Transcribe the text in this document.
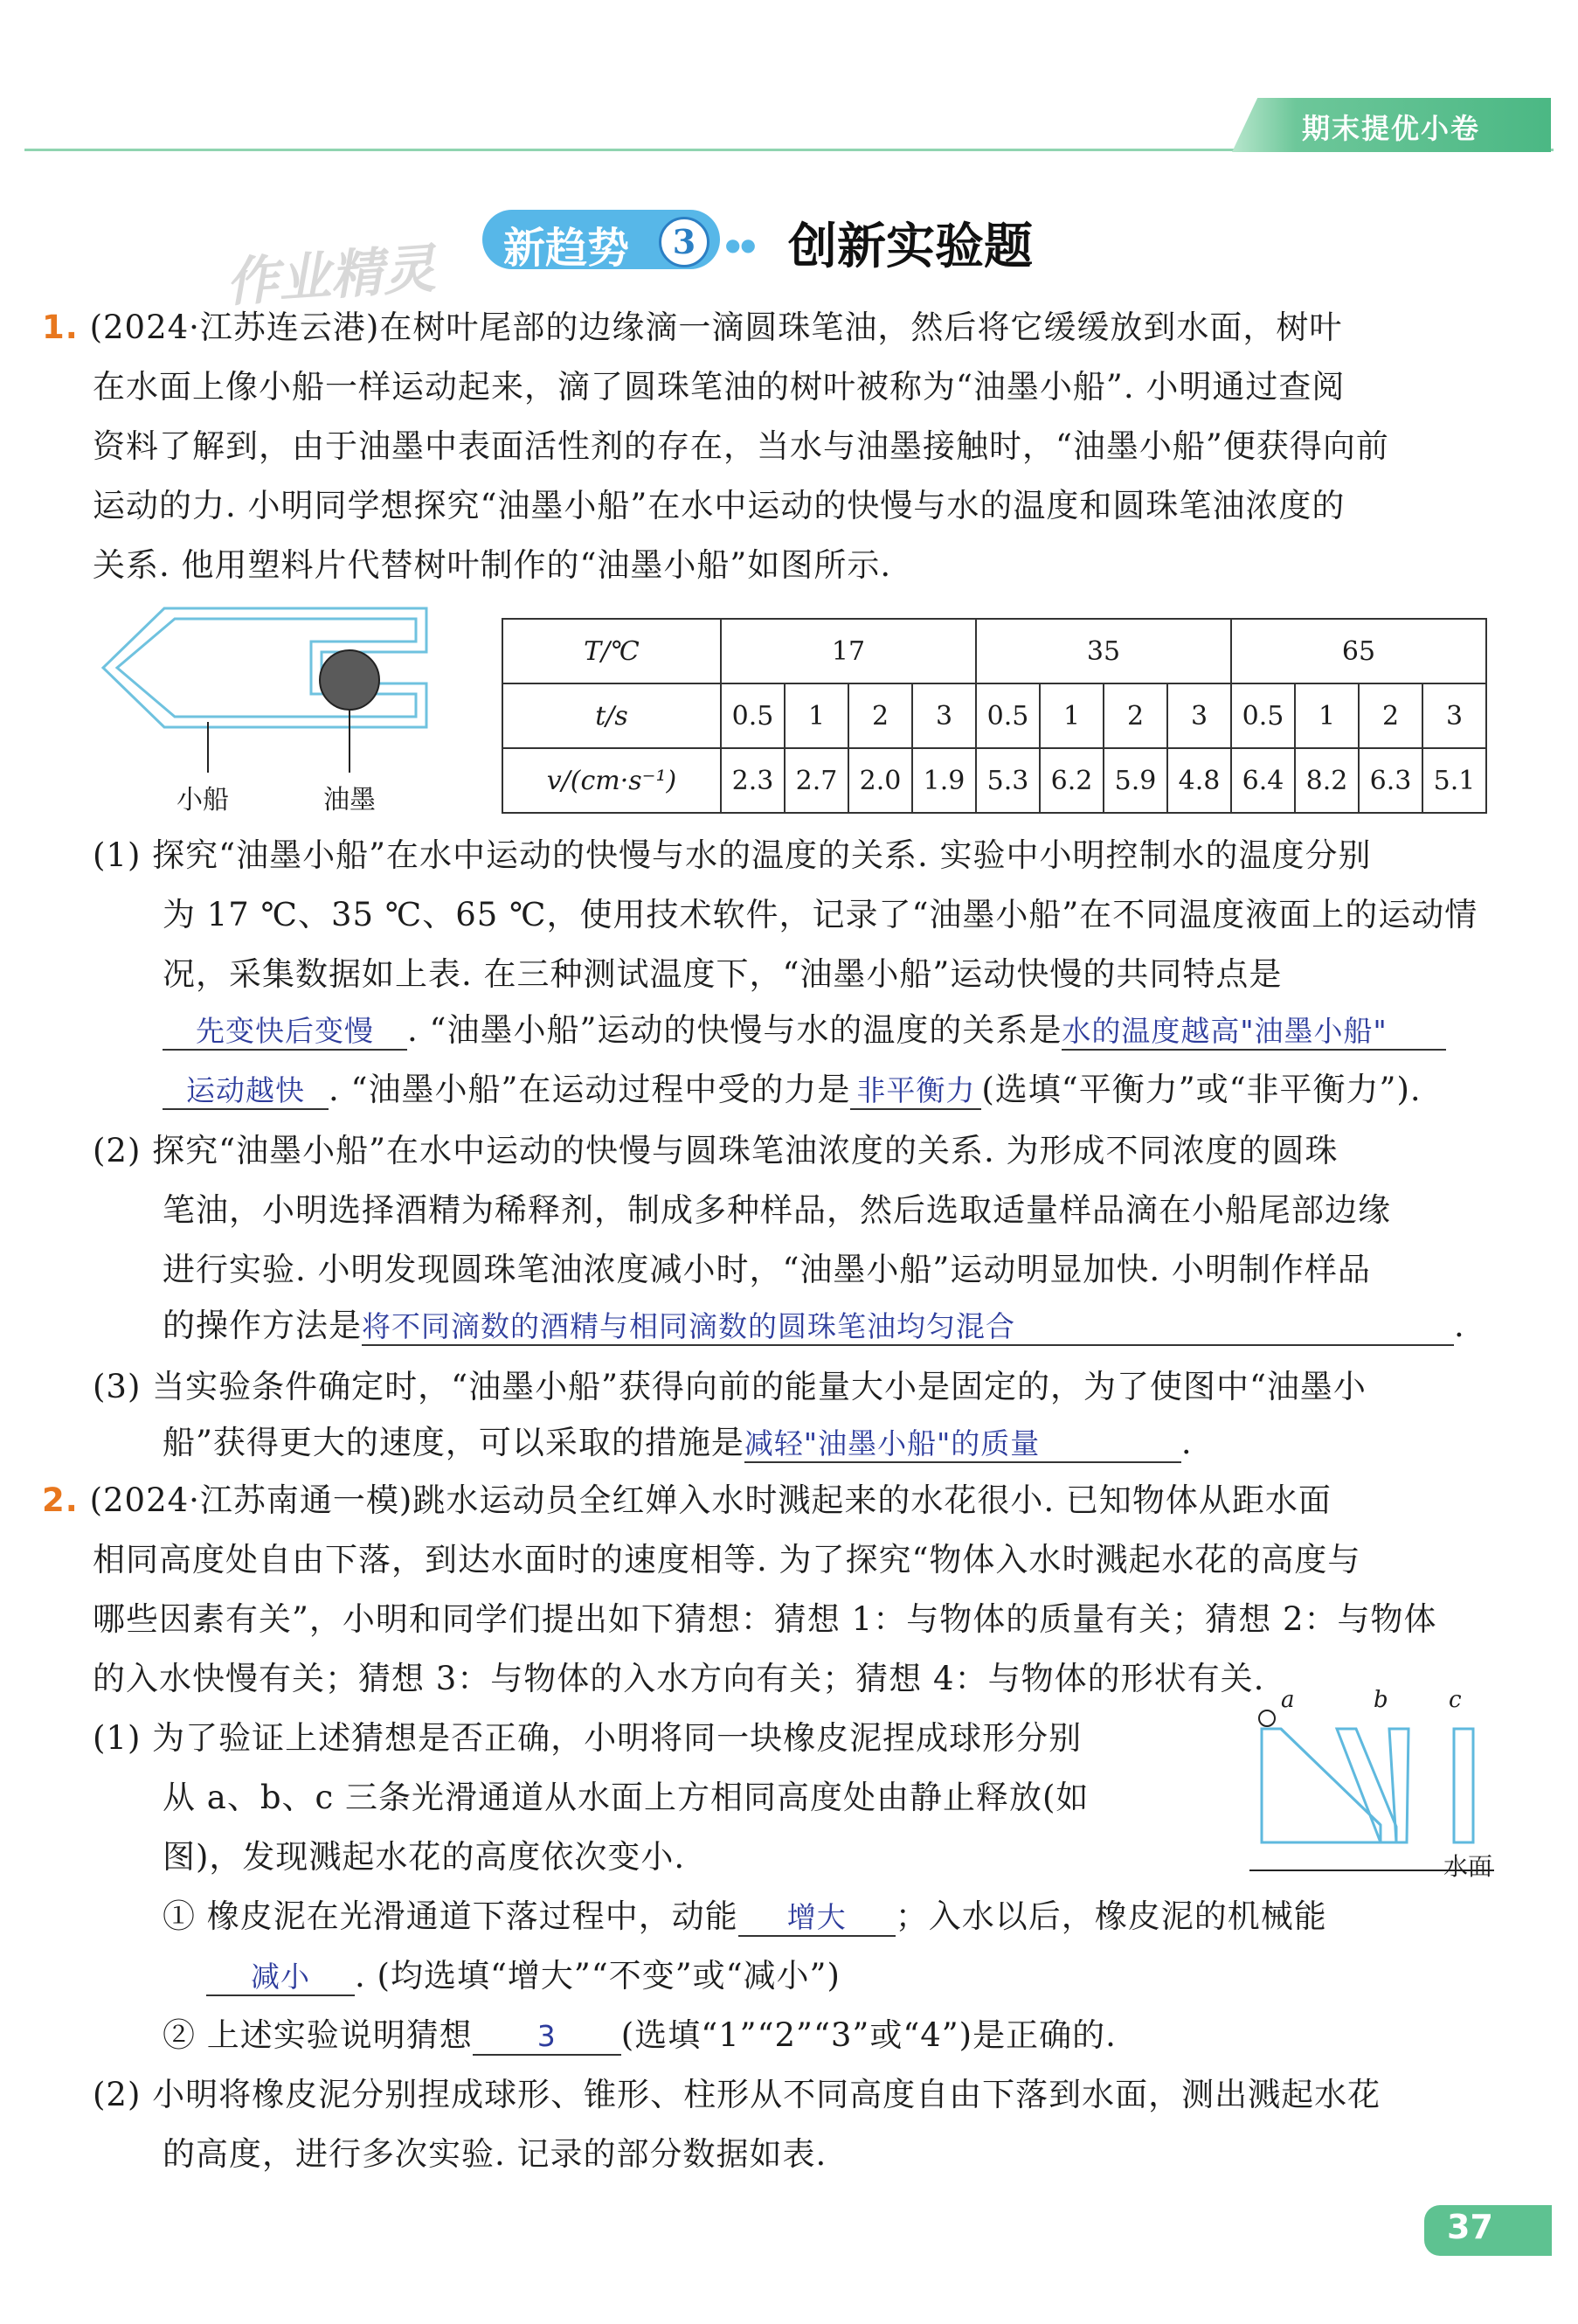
期末提优小卷
作业精灵 新趋势	3	●● 创新实验题
1. (2024·江苏连云港)在树叶尾部的边缘滴一滴圆珠笔油，然后将它缓缓放到水面，树叶
在水面上像小船一样运动起来，滴了圆珠笔油的树叶被称为“油墨小船”. 小明通过查阅
资料了解到，由于油墨中表面活性剂的存在，当水与油墨接触时，“油墨小船”便获得向前
运动的力. 小明同学想探究“油墨小船”在水中运动的快慢与水的温度和圆珠笔油浓度的
关系. 他用塑料片代替树叶制作的“油墨小船”如图所示.
小船	油墨
T/℃	17				35				65			
t/s	0.5	1	2	3	0.5	1	2	3	0.5	1	2	3
v/(cm·s⁻¹)	2.3	2.7	2.0	1.9	5.3	6.2	5.9	4.8	6.4	8.2	6.3	5.1
(1) 探究“油墨小船”在水中运动的快慢与水的温度的关系. 实验中小明控制水的温度分别
为 17 ℃、35 ℃、65 ℃，使用技术软件，记录了“油墨小船”在不同温度液面上的运动情
况，采集数据如上表. 在三种测试温度下，“油墨小船”运动快慢的共同特点是
先变快后变慢 . “油墨小船”运动的快慢与水的温度的关系是水的温度越高"油墨小船"
运动越快 . “油墨小船”在运动过程中受的力是 非平衡力 (选填“平衡力”或“非平衡力”).
(2) 探究“油墨小船”在水中运动的快慢与圆珠笔油浓度的关系. 为形成不同浓度的圆珠
笔油，小明选择酒精为稀释剂，制成多种样品，然后选取适量样品滴在小船尾部边缘
进行实验. 小明发现圆珠笔油浓度减小时，“油墨小船”运动明显加快. 小明制作样品
的操作方法是将不同滴数的酒精与相同滴数的圆珠笔油均匀混合	.
(3) 当实验条件确定时，“油墨小船”获得向前的能量大小是固定的，为了使图中“油墨小
船”获得更大的速度，可以采取的措施是减轻"油墨小船"的质量	.
2. (2024·江苏南通一模)跳水运动员全红婵入水时溅起来的水花很小. 已知物体从距水面
相同高度处自由下落，到达水面时的速度相等. 为了探究“物体入水时溅起水花的高度与
哪些因素有关”，小明和同学们提出如下猜想：猜想 1：与物体的质量有关；猜想 2：与物体
的入水快慢有关；猜想 3：与物体的入水方向有关；猜想 4：与物体的形状有关.
(1) 为了验证上述猜想是否正确，小明将同一块橡皮泥捏成球形分别
从 a、b、c 三条光滑通道从水面上方相同高度处由静止释放(如
图)，发现溅起水花的高度依次变小.
a	b	c
水面
① 橡皮泥在光滑通道下落过程中，动能 增大 ；入水以后，橡皮泥的机械能
减小 . (均选填“增大”“不变”或“减小”)
② 上述实验说明猜想 3 (选填“1”“2”“3”或“4”)是正确的.
(2) 小明将橡皮泥分别捏成球形、锥形、柱形从不同高度自由下落到水面，测出溅起水花
的高度，进行多次实验. 记录的部分数据如表.
37
